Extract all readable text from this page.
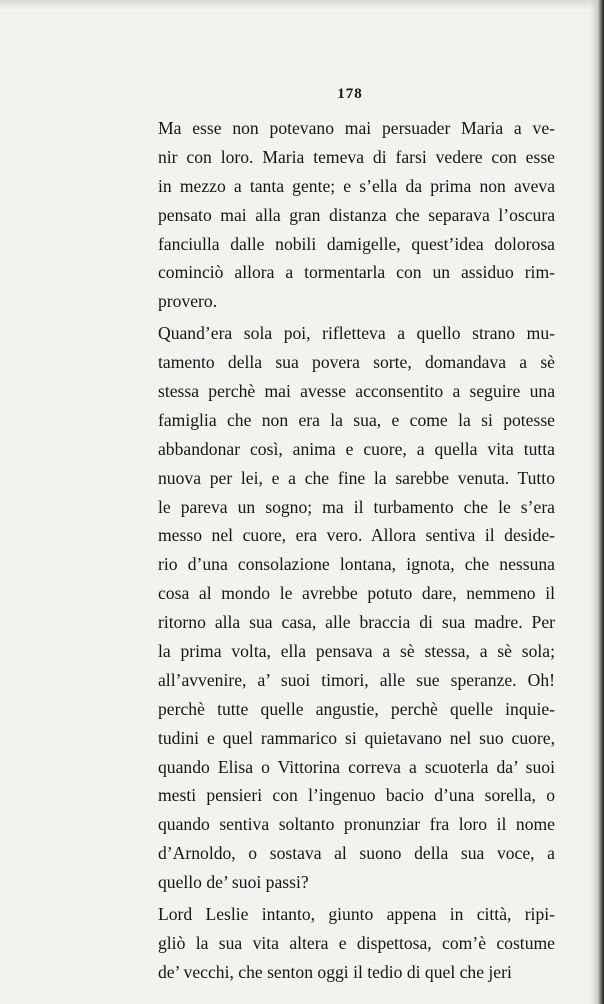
178
Ma esse non potevano mai persuader Maria a ve-
nir con loro. Maria temeva di farsi vedere con esse
in mezzo a tanta gente; e s’ella da prima non aveva
pensato mai alla gran distanza che separava l’oscura
fanciulla dalle nobili damigelle, quest’idea dolorosa
cominciò allora a tormentarla con un assiduo rim-
provero.
Quand’era sola poi, rifletteva a quello strano mu-
tamento della sua povera sorte, domandava a sè
stessa perchè mai avesse acconsentito a seguire una
famiglia che non era la sua, e come la si potesse
abbandonar così, anima e cuore, a quella vita tutta
nuova per lei, e a che fine la sarebbe venuta. Tutto
le pareva un sogno; ma il turbamento che le s’era
messo nel cuore, era vero. Allora sentiva il deside-
rio d’una consolazione lontana, ignota, che nessuna
cosa al mondo le avrebbe potuto dare, nemmeno il
ritorno alla sua casa, alle braccia di sua madre. Per
la prima volta, ella pensava a sè stessa, a sè sola;
all’avvenire, a’ suoi timori, alle sue speranze. Oh!
perchè tutte quelle angustie, perchè quelle inquie-
tudini e quel rammarico si quietavano nel suo cuore,
quando Elisa o Vittorina correva a scuoterla da’ suoi
mesti pensieri con l’ingenuo bacio d’una sorella, o
quando sentiva soltanto pronunziar fra loro il nome
d’Arnoldo, o sostava al suono della sua voce, a
quello de’ suoi passi?
Lord Leslie intanto, giunto appena in città, ripi-
gliò la sua vita altera e dispettosa, com’è costume
de’ vecchi, che senton oggi il tedio di quel che jeri
